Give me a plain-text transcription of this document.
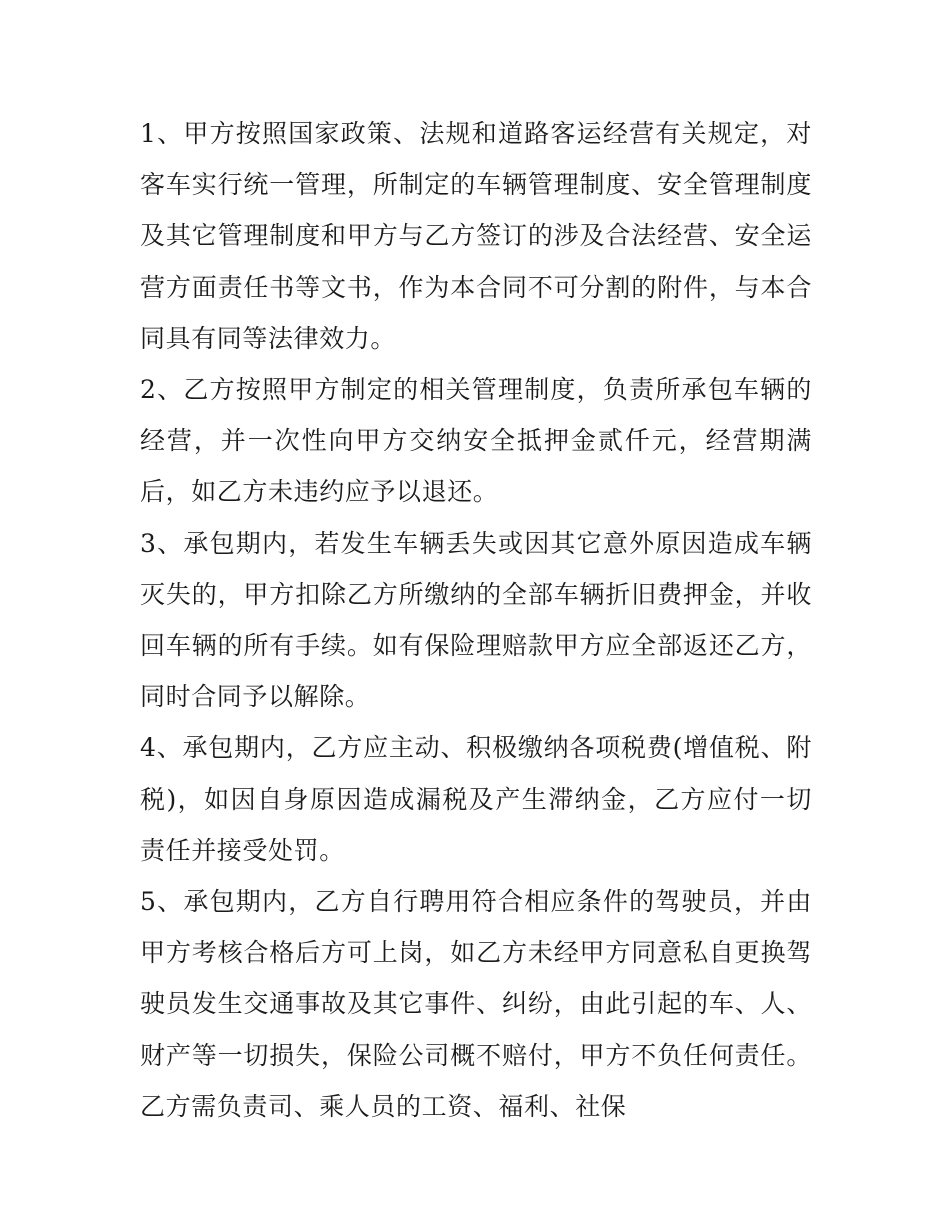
1、甲方按照国家政策、法规和道路客运经营有关规定，对客车实行统一管理，所制定的车辆管理制度、安全管理制度及其它管理制度和甲方与乙方签订的涉及合法经营、安全运营方面责任书等文书，作为本合同不可分割的附件，与本合同具有同等法律效力。

2、乙方按照甲方制定的相关管理制度，负责所承包车辆的经营，并一次性向甲方交纳安全抵押金贰仟元，经营期满后，如乙方未违约应予以退还。

3、承包期内，若发生车辆丢失或因其它意外原因造成车辆灭失的，甲方扣除乙方所缴纳的全部车辆折旧费押金，并收回车辆的所有手续。如有保险理赔款甲方应全部返还乙方，同时合同予以解除。

4、承包期内，乙方应主动、积极缴纳各项税费(增值税、附税)，如因自身原因造成漏税及产生滞纳金，乙方应付一切责任并接受处罚。

5、承包期内，乙方自行聘用符合相应条件的驾驶员，并由甲方考核合格后方可上岗，如乙方未经甲方同意私自更换驾驶员发生交通事故及其它事件、纠纷，由此引起的车、人、财产等一切损失，保险公司概不赔付，甲方不负任何责任。乙方需负责司、乘人员的工资、福利、社保
